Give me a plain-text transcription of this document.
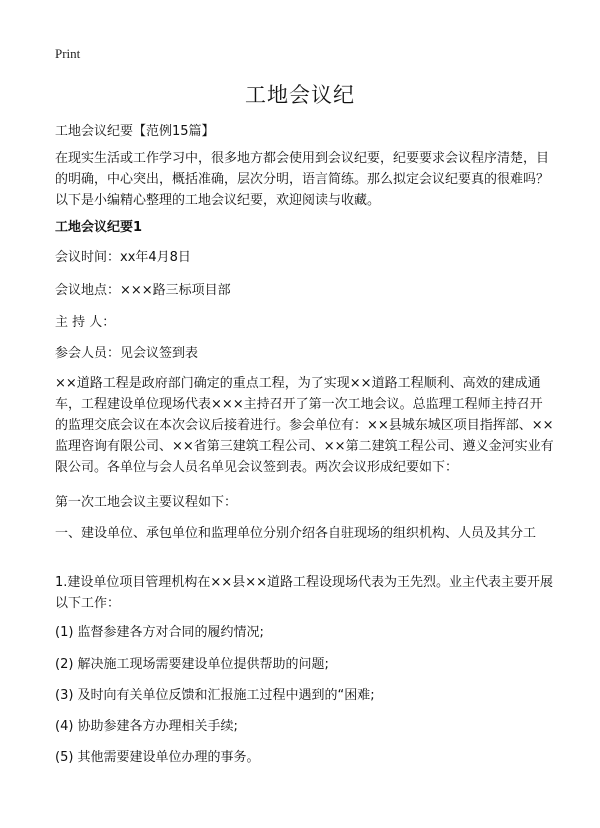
Print
工地会议纪
工地会议纪要【范例15篇】
在现实生活或工作学习中，很多地方都会使用到会议纪要，纪要要求会议程序清楚，目的明确，中心突出，概括准确，层次分明，语言简练。那么拟定会议纪要真的很难吗？以下是小编精心整理的工地会议纪要，欢迎阅读与收藏。
工地会议纪要1
会议时间：xx年4月8日
会议地点：×××路三标项目部
主 持 人：
参会人员：见会议签到表
××道路工程是政府部门确定的重点工程，为了实现××道路工程顺利、高效的建成通车，工程建设单位现场代表×××主持召开了第一次工地会议。总监理工程师主持召开的监理交底会议在本次会议后接着进行。参会单位有：××县城东城区项目指挥部、××监理咨询有限公司、××省第三建筑工程公司、××第二建筑工程公司、遵义金河实业有限公司。各单位与会人员名单见会议签到表。两次会议形成纪要如下：
第一次工地会议主要议程如下：
一、建设单位、承包单位和监理单位分别介绍各自驻现场的组织机构、人员及其分工
1.建设单位项目管理机构在××县××道路工程设现场代表为王先烈。业主代表主要开展以下工作：
(1) 监督参建各方对合同的履约情况;
(2) 解决施工现场需要建设单位提供帮助的问题;
(3) 及时向有关单位反馈和汇报施工过程中遇到的“困难;
(4) 协助参建各方办理相关手续;
(5) 其他需要建设单位办理的事务。
